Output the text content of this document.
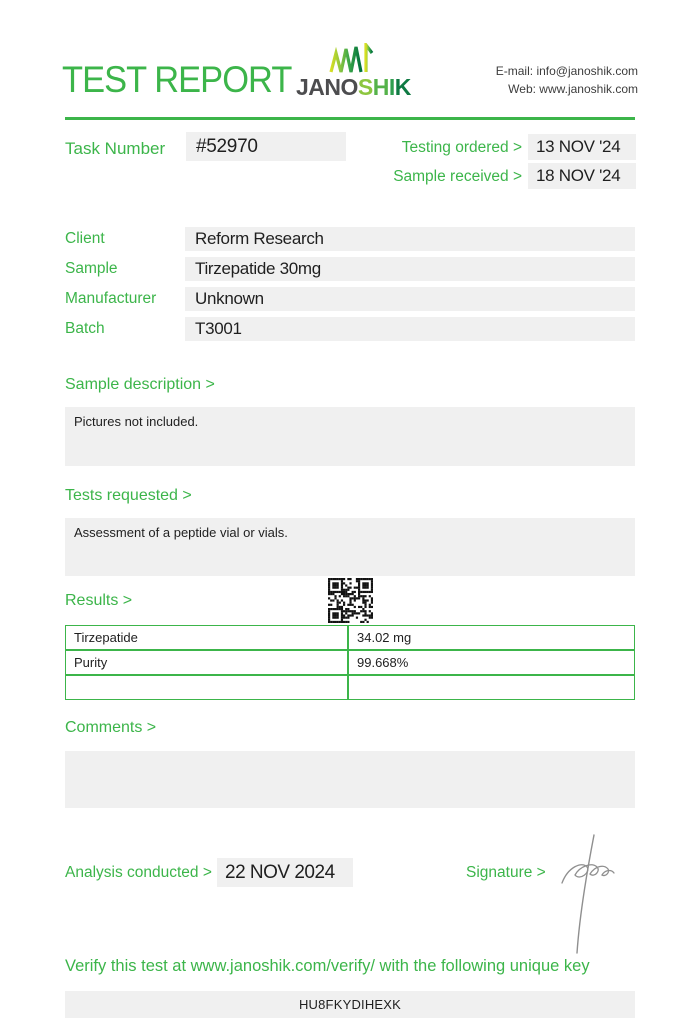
TEST REPORT JANOSHIK
E-mail: info@janoshik.com
Web: www.janoshik.com
Task Number	#52970	Testing ordered > 13 NOV '24
Sample received > 18 NOV '24
Client	Reform Research
Sample	Tirzepatide 30mg
Manufacturer	Unknown
Batch	T3001
Sample description >
Pictures not included.
Tests requested >
Assessment of a peptide vial or vials.
Results >
Tirzepatide	34.02 mg
Purity	99.668%
Comments >
Analysis conducted > 22 NOV 2024	Signature >
Verify this test at www.janoshik.com/verify/ with the following unique key
HU8FKYDIHEXK
